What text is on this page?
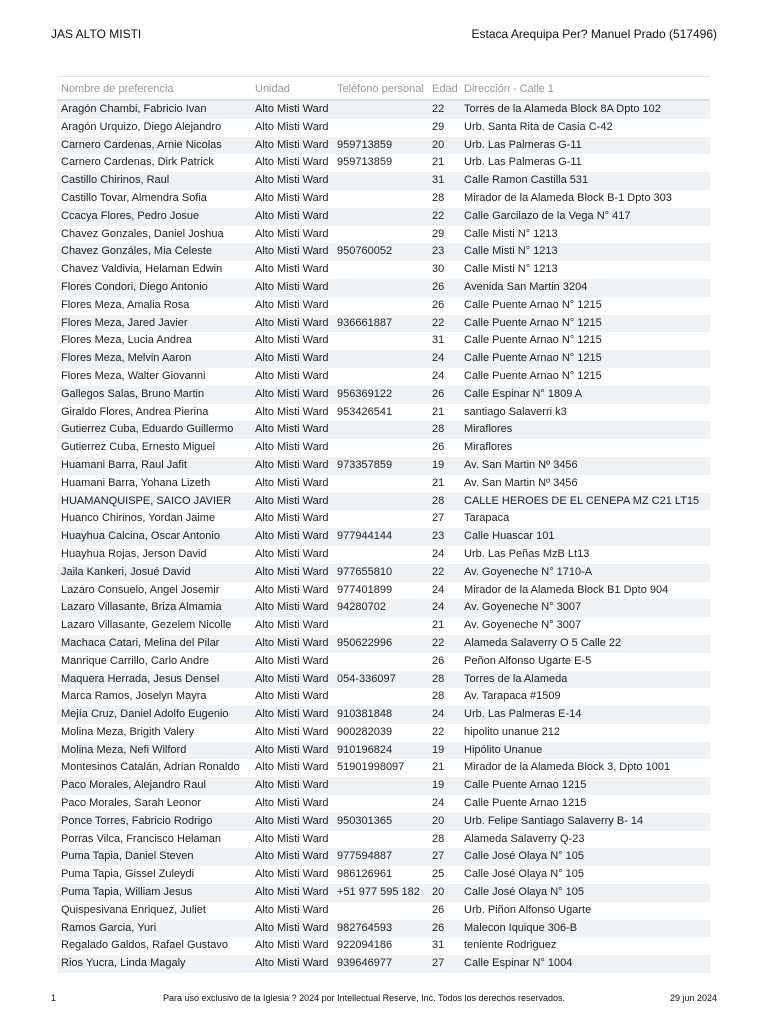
JAS ALTO MISTI	Estaca Arequipa Per? Manuel Prado (517496)
Nombre de preferencia	Unidad	Teléfono personal	Edad	Dirección - Calle 1
Aragón Chambi, Fabricio Ivan	Alto Misti Ward		22	Torres de la Alameda Block 8A Dpto 102
Aragón Urquizo, Diego Alejandro	Alto Misti Ward		29	Urb. Santa Rita de Casia C-42
Carnero Cardenas, Arnie Nicolas	Alto Misti Ward	959713859	20	Urb. Las Palmeras G-11
Carnero Cardenas, Dirk Patrick	Alto Misti Ward	959713859	21	Urb. Las Palmeras G-11
Castillo Chirinos, Raul	Alto Misti Ward		31	Calle Ramon Castilla 531
Castillo Tovar, Almendra Sofia	Alto Misti Ward		28	Mirador de la Alameda Block B-1 Dpto 303
Ccacya Flores, Pedro Josue	Alto Misti Ward		22	Calle Garcilazo de la Vega N° 417
Chavez Gonzales, Daniel Joshua	Alto Misti Ward		29	Calle Misti N° 1213
Chavez Gonzáles, Mia Celeste	Alto Misti Ward	950760052	23	Calle Misti N° 1213
Chavez Valdivia, Helaman Edwin	Alto Misti Ward		30	Calle Misti N° 1213
Flores Condori, Diego Antonio	Alto Misti Ward		26	Avenida San Martin 3204
Flores Meza, Amalia Rosa	Alto Misti Ward		26	Calle Puente Arnao N° 1215
Flores Meza, Jared Javier	Alto Misti Ward	936661887	22	Calle Puente Arnao N° 1215
Flores Meza, Lucia Andrea	Alto Misti Ward		31	Calle Puente Arnao N° 1215
Flores Meza, Melvin Aaron	Alto Misti Ward		24	Calle Puente Arnao N° 1215
Flores Meza, Walter Giovanni	Alto Misti Ward		24	Calle Puente Arnao N° 1215
Gallegos Salas, Bruno Martin	Alto Misti Ward	956369122	26	Calle Espinar N° 1809 A
Giraldo Flores, Andrea Pierina	Alto Misti Ward	953426541	21	santiago Salaverri k3
Gutierrez Cuba, Eduardo Guillermo	Alto Misti Ward		28	Miraflores
Gutierrez Cuba, Ernesto Miguel	Alto Misti Ward		26	Miraflores
Huamani Barra, Raul Jafit	Alto Misti Ward	973357859	19	Av. San Martin Nº 3456
Huamani Barra, Yohana Lizeth	Alto Misti Ward		21	Av. San Martin Nº 3456
HUAMANQUISPE, SAICO JAVIER	Alto Misti Ward		28	CALLE HEROES DE EL CENEPA MZ C21 LT15
Huanco Chirinos, Yordan Jaime	Alto Misti Ward		27	Tarapaca
Huayhua Calcina, Oscar Antonio	Alto Misti Ward	977944144	23	Calle Huascar 101
Huayhua Rojas, Jerson David	Alto Misti Ward		24	Urb. Las Peñas MzB Lt13
Jaila Kankeri, Josué David	Alto Misti Ward	977655810	22	Av. Goyeneche N° 1710-A
Lazaro Consuelo, Angel Josemir	Alto Misti Ward	977401899	24	Mirador de la Alameda Block B1 Dpto 904
Lazaro Villasante, Briza Almamia	Alto Misti Ward	94280702	24	Av. Goyeneche N° 3007
Lazaro Villasante, Gezelem Nicolle	Alto Misti Ward		21	Av. Goyeneche N° 3007
Machaca Catari, Melina del Pilar	Alto Misti Ward	950622996	22	Alameda Salaverry O 5 Calle 22
Manrique Carrillo, Carlo Andre	Alto Misti Ward		26	Peñon Alfonso Ugarte E-5
Maquera Herrada, Jesus Densel	Alto Misti Ward	054-336097	28	Torres de la Alameda
Marca Ramos, Joselyn Mayra	Alto Misti Ward		28	Av. Tarapaca #1509
Mejía Cruz, Daniel Adolfo Eugenio	Alto Misti Ward	910381848	24	Urb. Las Palmeras E-14
Molina Meza, Brigith Valery	Alto Misti Ward	900282039	22	hipolito unanue 212
Molina Meza, Nefi Wilford	Alto Misti Ward	910196824	19	Hipólito Unanue
Montesinos Catalán, Adrian Ronaldo	Alto Misti Ward	51901998097	21	Mirador de la Alameda Block 3, Dpto 1001
Paco Morales, Alejandro Raul	Alto Misti Ward		19	Calle Puente Arnao 1215
Paco Morales, Sarah Leonor	Alto Misti Ward		24	Calle Puente Arnao 1215
Ponce Torres, Fabricio Rodrigo	Alto Misti Ward	950301365	20	Urb. Felipe Santiago Salaverry B- 14
Porras Vilca, Francisco Helaman	Alto Misti Ward		28	Alameda Salaverry Q-23
Puma Tapia, Daniel Steven	Alto Misti Ward	977594887	27	Calle José Olaya N° 105
Puma Tapia, Gissel Zuleydi	Alto Misti Ward	986126961	25	Calle José Olaya N° 105
Puma Tapia, William Jesus	Alto Misti Ward	+51 977 595 182	20	Calle José Olaya N° 105
Quispesivana Enriquez, Juliet	Alto Misti Ward		26	Urb. Piñon Alfonso Ugarte
Ramos Garcia, Yuri	Alto Misti Ward	982764593	26	Malecon Iquique 306-B
Regalado Galdos, Rafael Gustavo	Alto Misti Ward	922094186	31	teniente Rodriguez
Rios Yucra, Linda Magaly	Alto Misti Ward	939646977	27	Calle Espinar N° 1004
1	Para uso exclusivo de la Iglesia ? 2024 por Intellectual Reserve, Inc. Todos los derechos reservados.	29 jun 2024
